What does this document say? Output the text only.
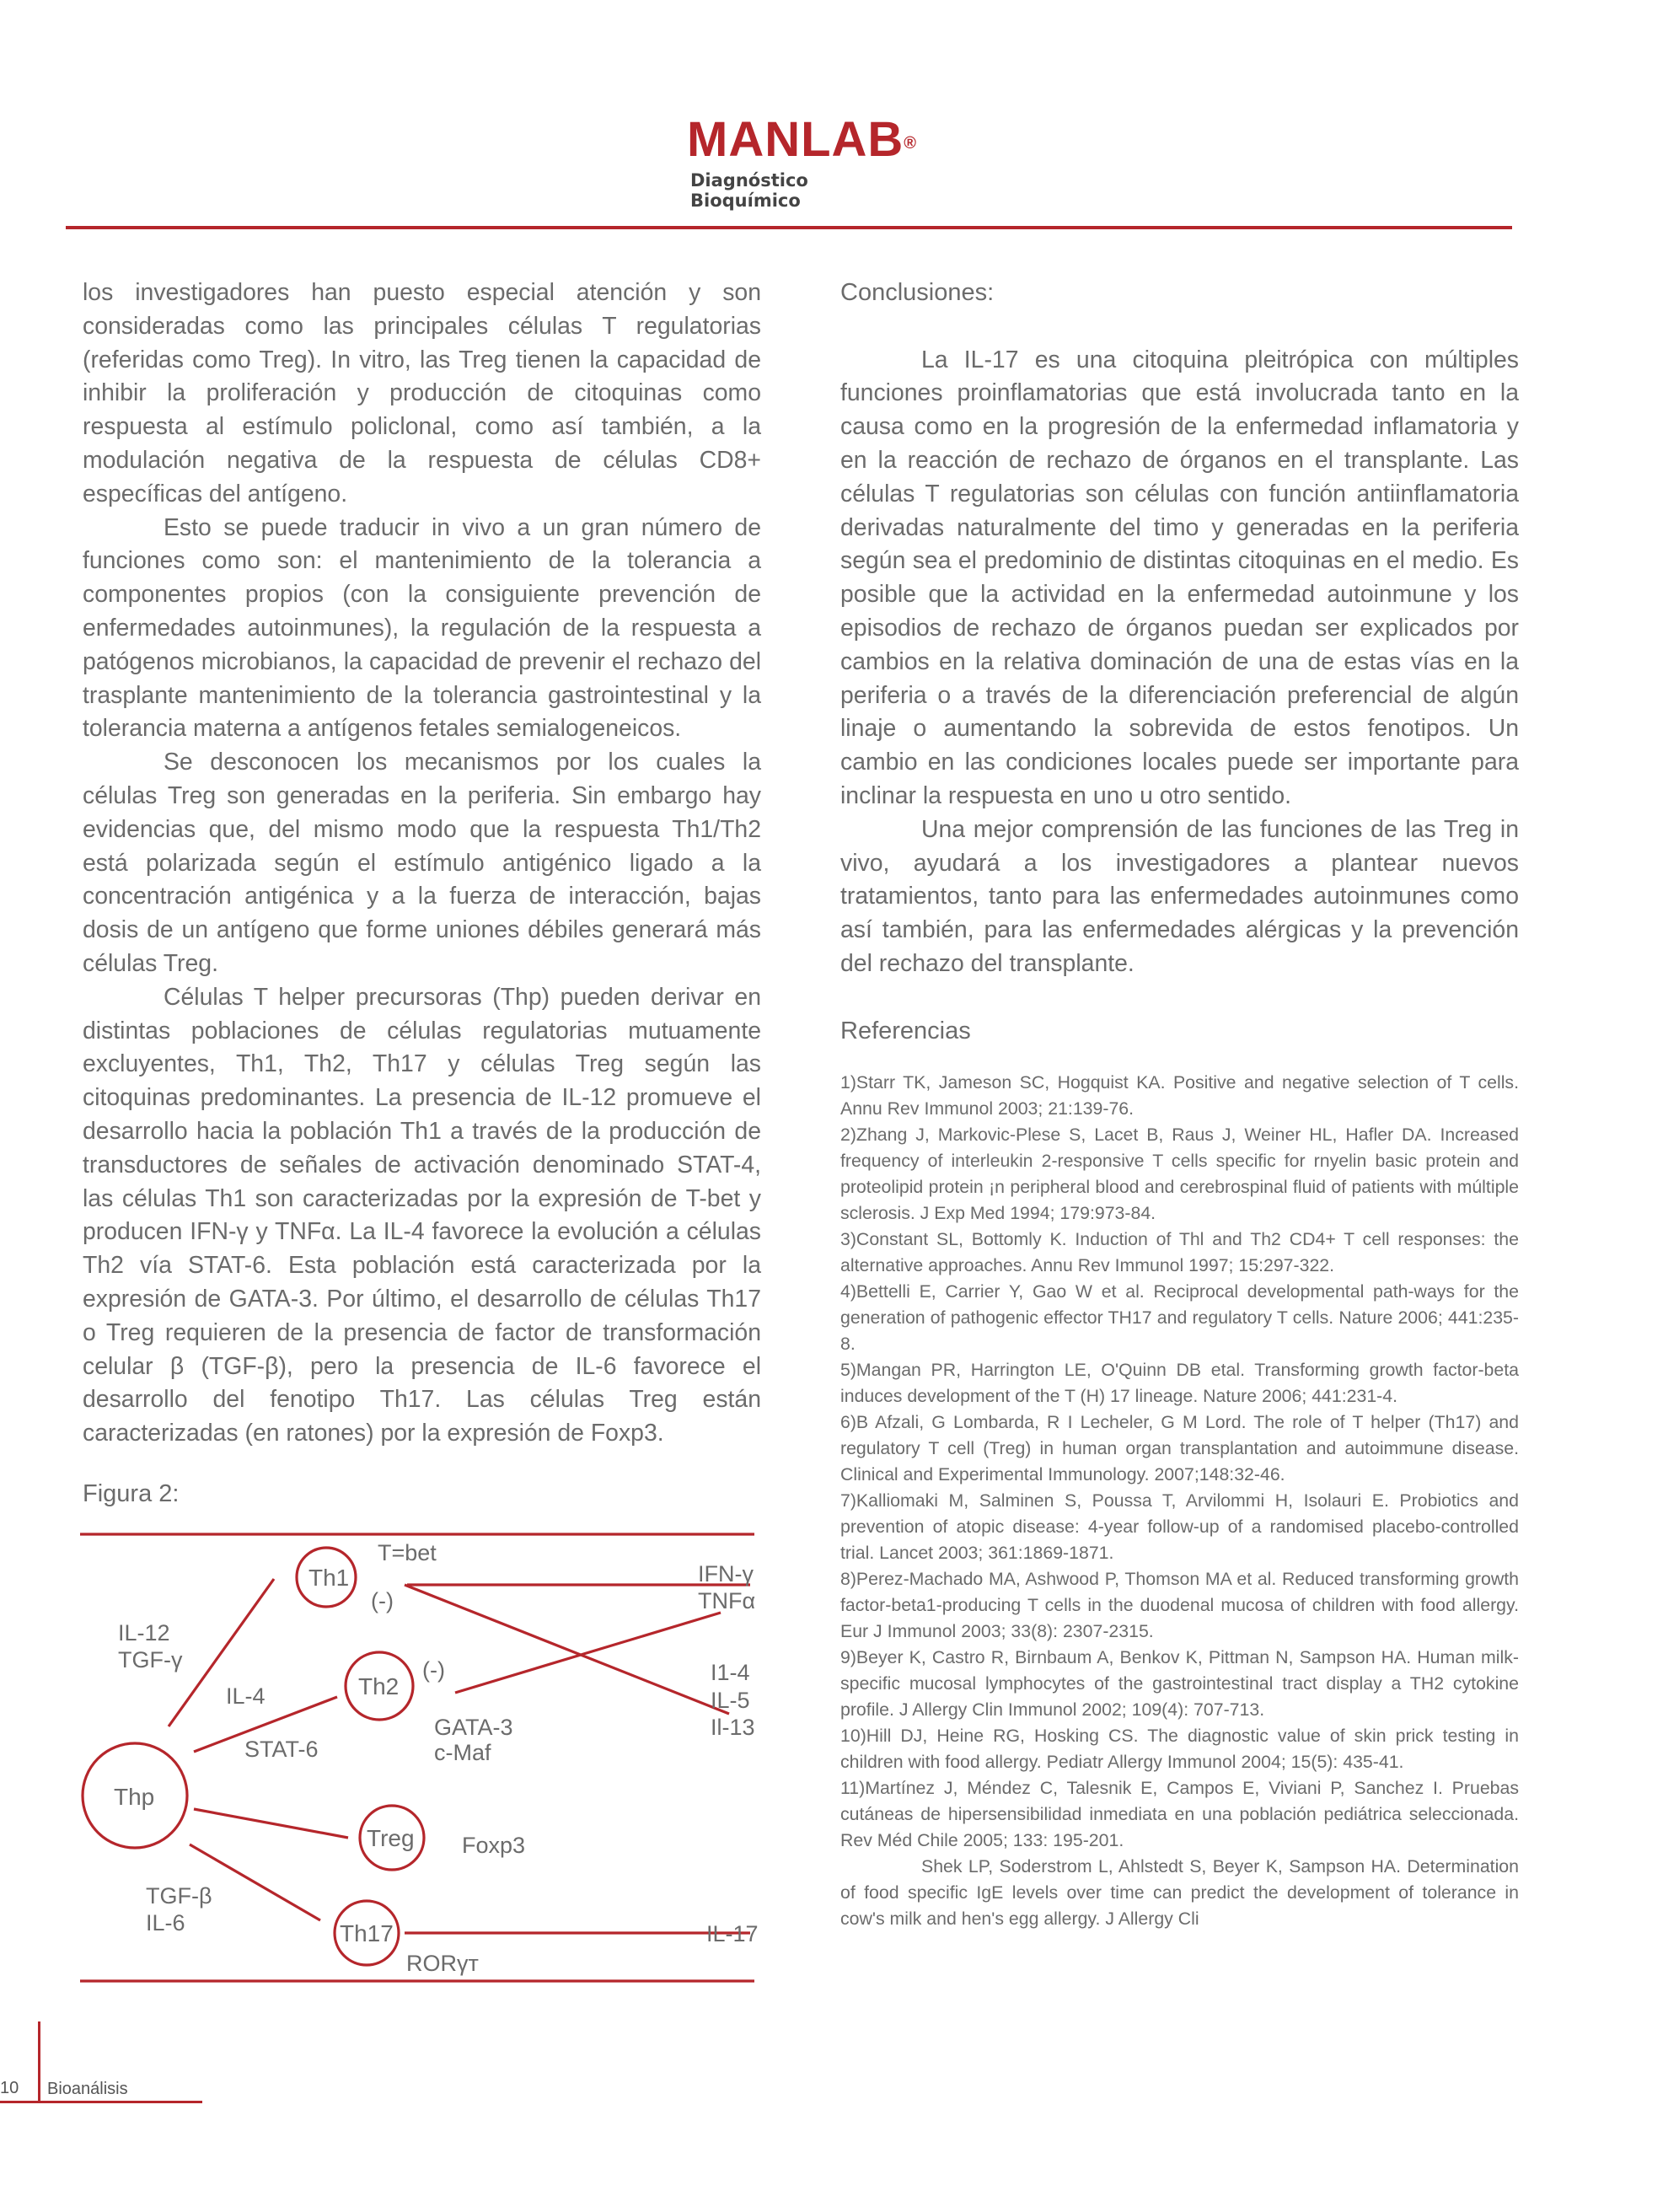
MANLAB®
Diagnóstico Bioquímico

los investigadores han puesto especial atención y son consideradas como las principales células T regulatorias (referidas como Treg). In vitro, las Treg tienen la capacidad de inhibir la proliferación y producción de citoquinas como respuesta al estímulo policlonal, como así también, a la modulación negativa de la respuesta de células CD8+ específicas del antígeno.

Esto se puede traducir in vivo a un gran número de funciones como son: el mantenimiento de la tolerancia a componentes propios (con la consiguiente prevención de enfermedades autoinmunes), la regulación de la respuesta a patógenos microbianos, la capacidad de prevenir el rechazo del trasplante mantenimiento de la tolerancia gastrointestinal y la tolerancia materna a antígenos fetales semialogeneicos.

Se desconocen los mecanismos por los cuales la células Treg son generadas en la periferia. Sin embargo hay evidencias que, del mismo modo que la respuesta Th1/Th2 está polarizada según el estímulo antigénico ligado a la concentración antigénica y a la fuerza de interacción, bajas dosis de un antígeno que forme uniones débiles generará más células Treg.

Células T helper precursoras (Thp) pueden derivar en distintas poblaciones de células regulatorias mutuamente excluyentes, Th1, Th2, Th17 y células Treg según las citoquinas predominantes. La presencia de IL-12 promueve el desarrollo hacia la población Th1 a través de la producción de transductores de señales de activación denominado STAT-4, las células Th1 son caracterizadas por la expresión de T-bet y producen IFN-γ y TNFα. La IL-4 favorece la evolución a células Th2 vía STAT-6. Esta población está caracterizada por la expresión de GATA-3. Por último, el desarrollo de células Th17 o Treg requieren de la presencia de factor de transformación celular β (TGF-β), pero la presencia de IL-6 favorece el desarrollo del fenotipo Th17. Las células Treg están caracterizadas (en ratones) por la expresión de Foxp3.

Figura 2:
Thp
Th1
Th2
Treg
Th17
IL-12
TGF-γ
IL-4
STAT-6
TGF-β
IL-6
T=bet
(-)
(-)
GATA-3
c-Maf
Foxp3
RORγт
IFN-γ
TNFα
I1-4
IL-5
Il-13
IL-17

Conclusiones:

La IL-17 es una citoquina pleitrópica con múltiples funciones proinflamatorias que está involucrada tanto en la causa como en la progresión de la enfermedad inflamatoria y en la reacción de rechazo de órganos en el transplante. Las células T regulatorias son células con función antiinflamatoria derivadas naturalmente del timo y generadas en la periferia según sea el predominio de distintas citoquinas en el medio. Es posible que la actividad en la enfermedad autoinmune y los episodios de rechazo de órganos puedan ser explicados por cambios en la relativa dominación de una de estas vías en la periferia o a través de la diferenciación preferencial de algún linaje o aumentando la sobrevida de estos fenotipos. Un cambio en las condiciones locales puede ser importante para inclinar la respuesta en uno u otro sentido.

Una mejor comprensión de las funciones de las Treg in vivo, ayudará a los investigadores a plantear nuevos tratamientos, tanto para las enfermedades autoinmunes como así también, para las enfermedades alérgicas y la prevención del rechazo del transplante.

Referencias

1)Starr TK, Jameson SC, Hogquist KA. Positive and negative selection of T cells. Annu Rev Immunol 2003; 21:139-76.

2)Zhang J, Markovic-Plese S, Lacet B, Raus J, Weiner HL, Hafler DA. Increased frequency of interleukin 2-responsive T cells specific for rnyelin basic protein and proteolipid protein ¡n peripheral blood and cerebrospinal fluid of patients with múltiple sclerosis. J Exp Med 1994; 179:973-84.

3)Constant SL, Bottomly K. Induction of Thl and Th2 CD4+ T cell responses: the alternative approaches. Annu Rev Immunol 1997; 15:297-322.

4)Bettelli E, Carrier Y, Gao W et al. Reciprocal developmental path-ways for the generation of pathogenic effector TH17 and regulatory T cells. Nature 2006; 441:235-8.

5)Mangan PR, Harrington LE, O'Quinn DB etal. Transforming growth factor-beta induces development of the T (H) 17 lineage. Nature 2006; 441:231-4.

6)B Afzali, G Lombarda, R I Lecheler, G M Lord. The role of T helper (Th17) and regulatory T cell (Treg) in human organ transplantation and autoimmune disease. Clinical and Experimental Immunology. 2007;148:32-46.

7)Kalliomaki M, Salminen S, Poussa T, Arvilommi H, Isolauri E. Probiotics and prevention of atopic disease: 4-year follow-up of a randomised placebo-controlled trial. Lancet 2003; 361:1869-1871.

8)Perez-Machado MA, Ashwood P, Thomson MA et al. Reduced transforming growth factor-beta1-producing T cells in the duodenal mucosa of children with food allergy. Eur J Immunol 2003; 33(8): 2307-2315.

9)Beyer K, Castro R, Birnbaum A, Benkov K, Pittman N, Sampson HA. Human milk-specific mucosal lymphocytes of the gastrointestinal tract display a TH2 cytokine profile. J Allergy Clin Immunol 2002; 109(4): 707-713.

10)Hill DJ, Heine RG, Hosking CS. The diagnostic value of skin prick testing in children with food allergy. Pediatr Allergy Immunol 2004; 15(5): 435-41.

11)Martínez J, Méndez C, Talesnik E, Campos E, Viviani P, Sanchez I. Pruebas cutáneas de hipersensibilidad inmediata en una población pediátrica seleccionada. Rev Méd Chile 2005; 133: 195-201.

Shek LP, Soderstrom L, Ahlstedt S, Beyer K, Sampson HA. Determination of food specific IgE levels over time can predict the development of tolerance in cow's milk and hen's egg allergy. J Allergy Cli

10 Bioanálisis
